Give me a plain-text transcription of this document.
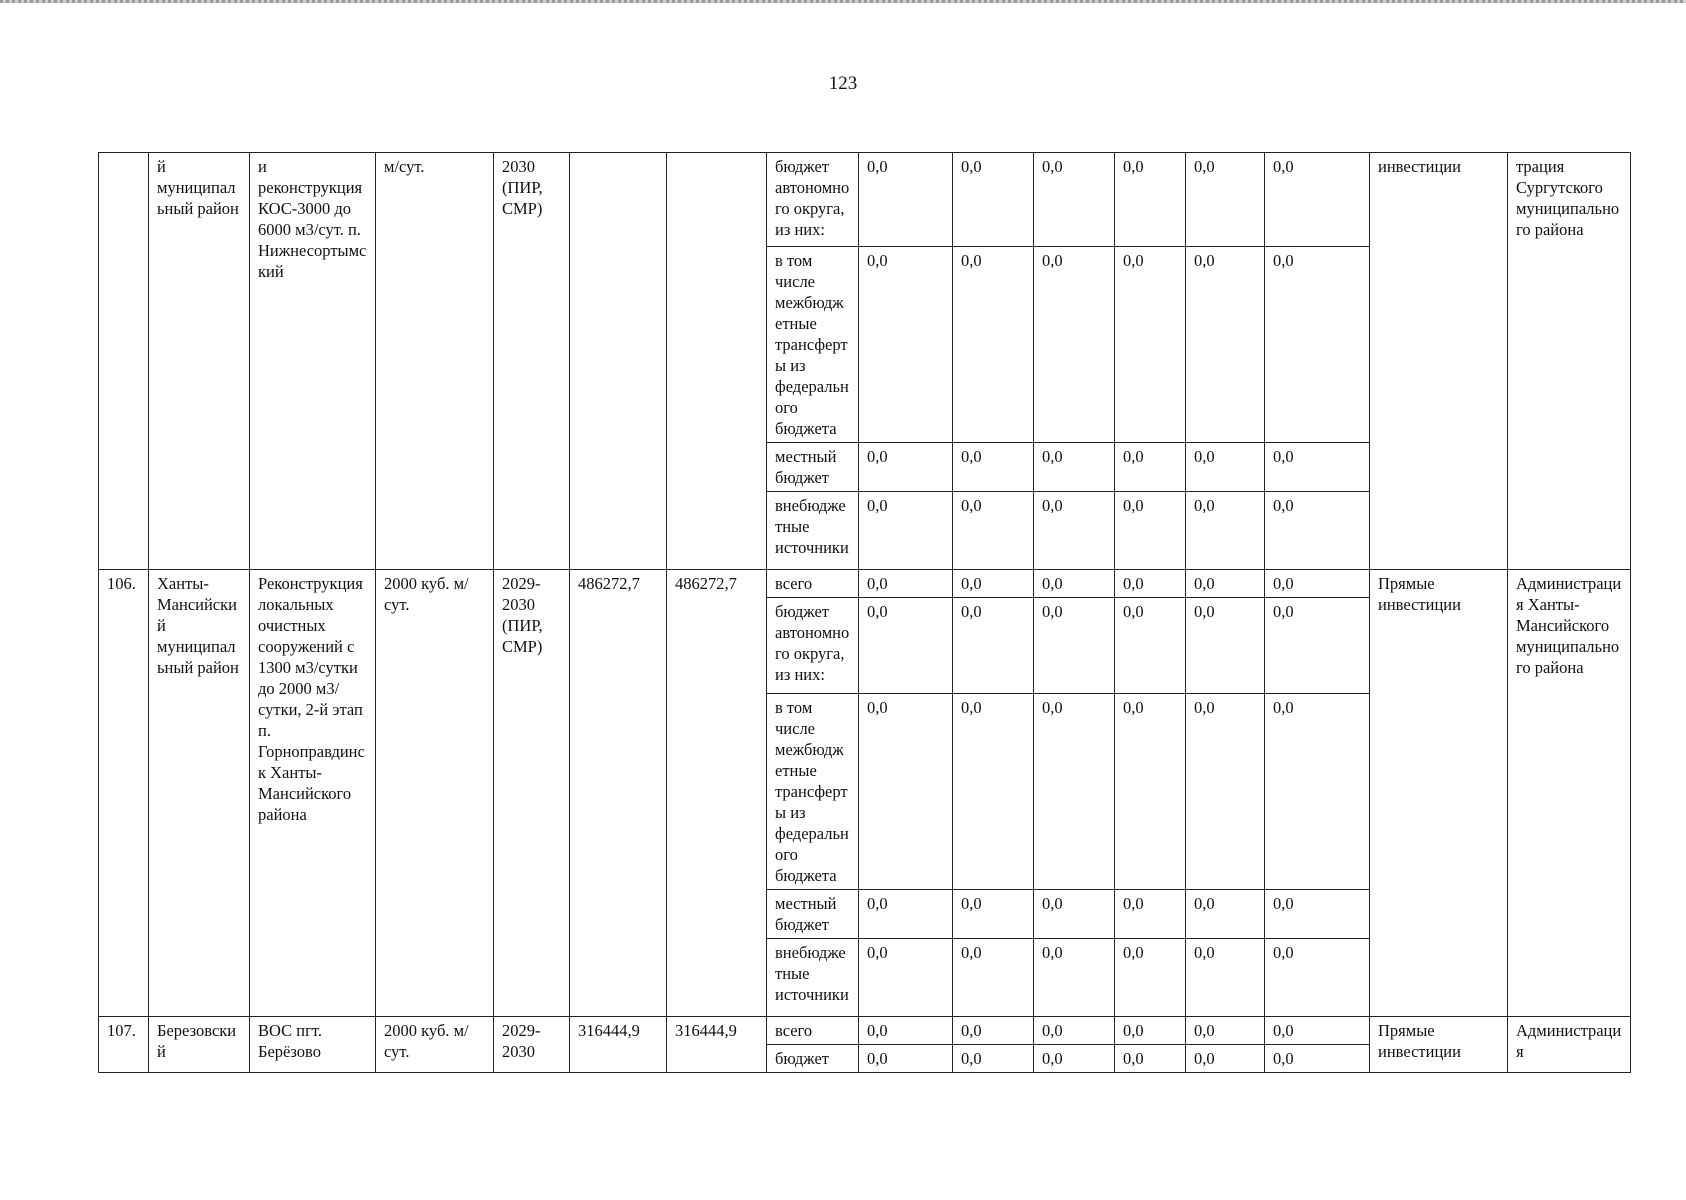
123
	й муниципальный район	и реконструкция КОС-3000 до 6000 м3/сут. п. Нижнесортымский	м/сут.	2030 (ПИР, СМР)			бюджет автономного округа, из них:	0,0	0,0	0,0	0,0	0,0	0,0	инвестиции	трация Сургутского муниципального района
							в том числе межбюджетные трансферты из федерального бюджета	0,0	0,0	0,0	0,0	0,0	0,0		
							местный бюджет	0,0	0,0	0,0	0,0	0,0	0,0		
							внебюджетные источники	0,0	0,0	0,0	0,0	0,0	0,0		
106.	Ханты-Мансийский муниципальный район	Реконструкция локальных очистных сооружений с 1300 м3/сутки до 2000 м3/сутки, 2-й этап п. Горноправдинск Ханты-Мансийского района	2000 куб. м/сут.	2029-2030 (ПИР, СМР)	486272,7	486272,7	всего	0,0	0,0	0,0	0,0	0,0	0,0	Прямые инвестиции	Администрация Ханты-Мансийского муниципального района
							бюджет автономного округа, из них:	0,0	0,0	0,0	0,0	0,0	0,0		
							в том числе межбюджетные трансферты из федерального бюджета	0,0	0,0	0,0	0,0	0,0	0,0		
							местный бюджет	0,0	0,0	0,0	0,0	0,0	0,0		
							внебюджетные источники	0,0	0,0	0,0	0,0	0,0	0,0		
107.	Березовский	ВОС пгт. Берёзово	2000 куб. м/сут.	2029-2030	316444,9	316444,9	всего	0,0	0,0	0,0	0,0	0,0	0,0	Прямые инвестиции	Администрация
							бюджет	0,0	0,0	0,0	0,0	0,0	0,0		
